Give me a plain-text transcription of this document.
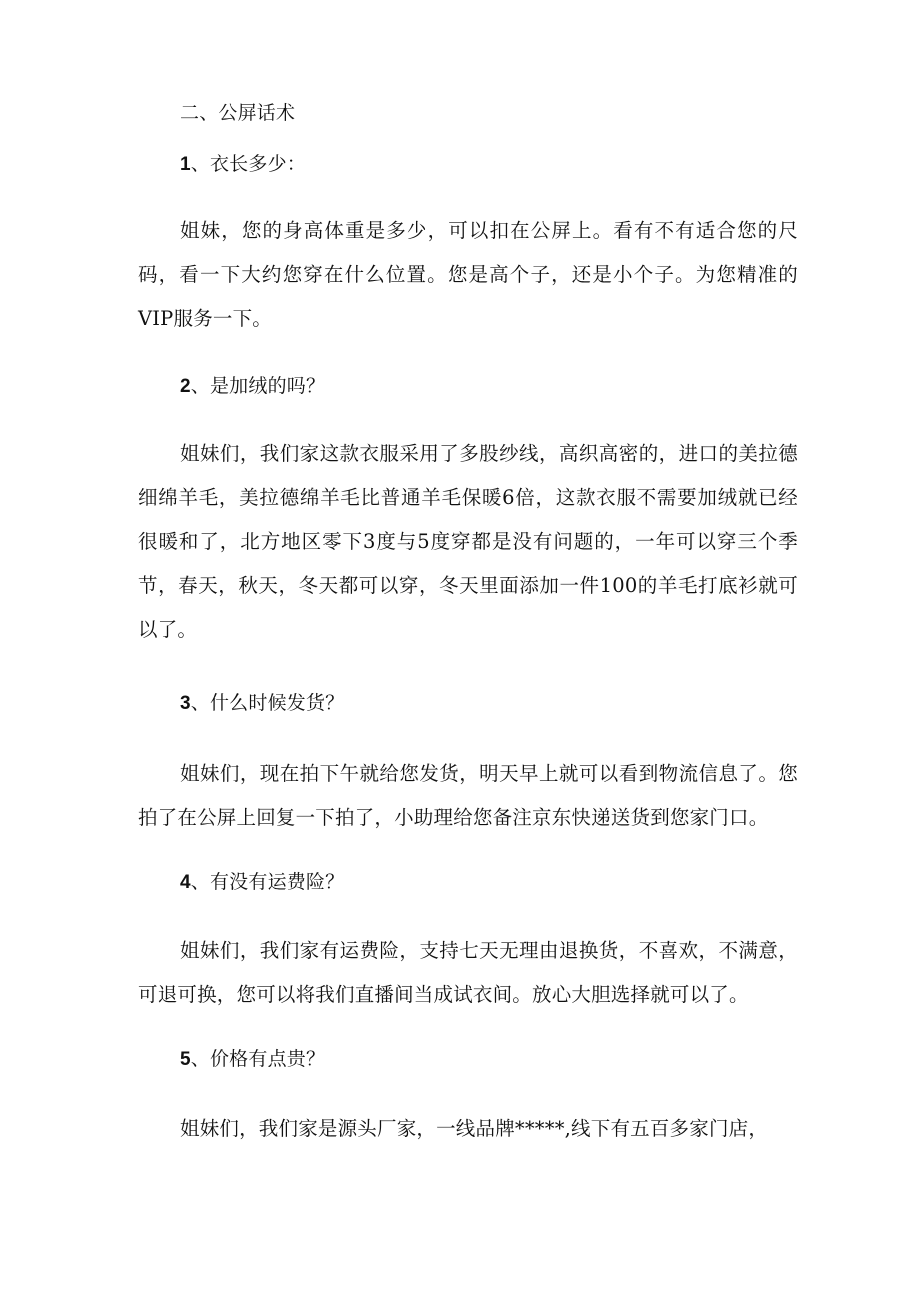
二、公屏话术
1、衣长多少：
姐妹，您的身高体重是多少，可以扣在公屏上。看有不有适合您的尺码，看一下大约您穿在什么位置。您是高个子，还是小个子。为您精准的VIP服务一下。
2、是加绒的吗？
姐妹们，我们家这款衣服采用了多股纱线，高织高密的，进口的美拉德细绵羊毛，美拉德绵羊毛比普通羊毛保暖6倍，这款衣服不需要加绒就已经很暖和了，北方地区零下3度与5度穿都是没有问题的，一年可以穿三个季节，春天，秋天，冬天都可以穿，冬天里面添加一件100的羊毛打底衫就可以了。
3、什么时候发货？
姐妹们，现在拍下午就给您发货，明天早上就可以看到物流信息了。您拍了在公屏上回复一下拍了，小助理给您备注京东快递送货到您家门口。
4、有没有运费险？
姐妹们，我们家有运费险，支持七天无理由退换货，不喜欢，不满意，可退可换，您可以将我们直播间当成试衣间。放心大胆选择就可以了。
5、价格有点贵？
姐妹们，我们家是源头厂家，一线品牌*****,线下有五百多家门店，
